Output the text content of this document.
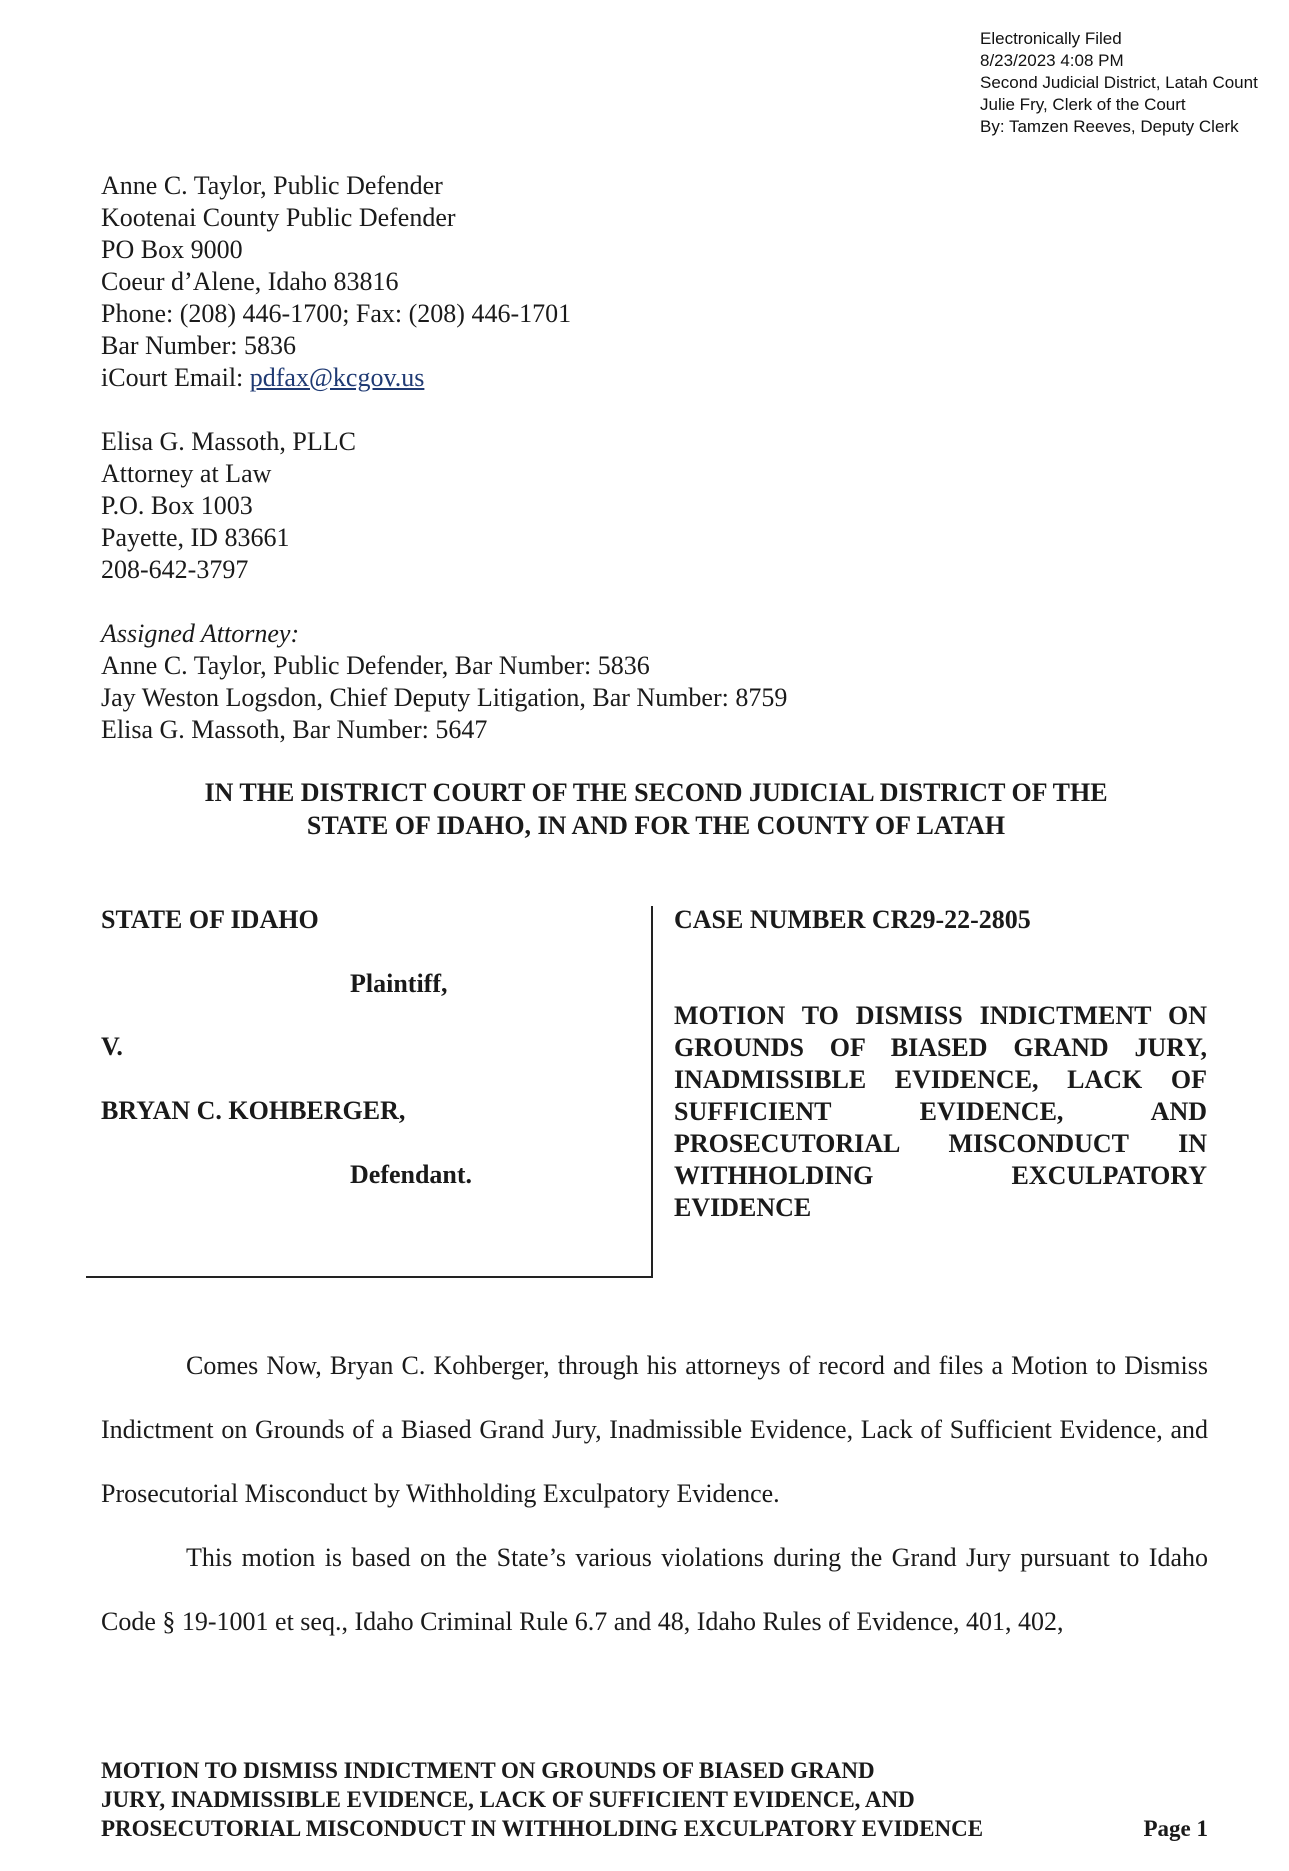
Electronically Filed
8/23/2023 4:08 PM
Second Judicial District, Latah Count
Julie Fry, Clerk of the Court
By: Tamzen Reeves, Deputy Clerk
Anne C. Taylor, Public Defender
Kootenai County Public Defender
PO Box 9000
Coeur d’Alene, Idaho 83816
Phone: (208) 446-1700; Fax: (208) 446-1701
Bar Number: 5836
iCourt Email: pdfax@kcgov.us
Elisa G. Massoth, PLLC
Attorney at Law
P.O. Box 1003
Payette, ID 83661
208-642-3797
Assigned Attorney:
Anne C. Taylor, Public Defender, Bar Number: 5836
Jay Weston Logsdon, Chief Deputy Litigation, Bar Number: 8759
Elisa G. Massoth, Bar Number: 5647
IN THE DISTRICT COURT OF THE SECOND JUDICIAL DISTRICT OF THE
STATE OF IDAHO, IN AND FOR THE COUNTY OF LATAH
STATE OF IDAHO
Plaintiff,
V.
BRYAN C. KOHBERGER,
Defendant.
CASE NUMBER CR29-22-2805
MOTION TO DISMISS INDICTMENT ON GROUNDS OF BIASED GRAND JURY, INADMISSIBLE EVIDENCE, LACK OF SUFFICIENT EVIDENCE, AND PROSECUTORIAL MISCONDUCT IN WITHHOLDING EXCULPATORY EVIDENCE

Comes Now, Bryan C. Kohberger, through his attorneys of record and files a Motion to Dismiss Indictment on Grounds of a Biased Grand Jury, Inadmissible Evidence, Lack of Sufficient Evidence, and Prosecutorial Misconduct by Withholding Exculpatory Evidence.

This motion is based on the State’s various violations during the Grand Jury pursuant to Idaho Code § 19-1001 et seq., Idaho Criminal Rule 6.7 and 48, Idaho Rules of Evidence, 401, 402,

MOTION TO DISMISS INDICTMENT ON GROUNDS OF BIASED GRAND
JURY, INADMISSIBLE EVIDENCE, LACK OF SUFFICIENT EVIDENCE, AND
PROSECUTORIAL MISCONDUCT IN WITHHOLDING EXCULPATORY EVIDENCE	Page 1
